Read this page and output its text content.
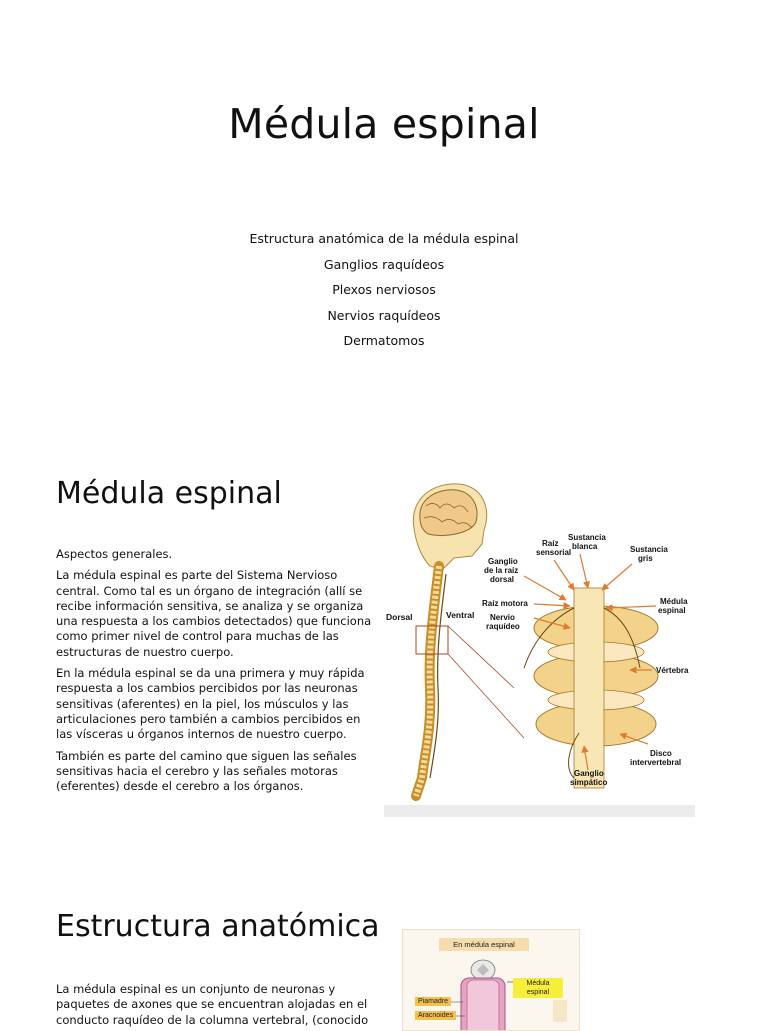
Médula espinal
Estructura anatómica de la médula espinal
Ganglios raquídeos
Plexos nerviosos
Nervios raquídeos
Dermatomos
Médula espinal

Aspectos generales.

La médula espinal es parte del Sistema Nervioso central. Como tal es un órgano de integración (allí se recibe información sensitiva, se analiza y se organiza una respuesta a los cambios detectados) que funciona como primer nivel de control para muchas de las estructuras de nuestro cuerpo.

En la médula espinal se da una primera y muy rápida respuesta a los cambios percibidos por las neuronas sensitivas (aferentes) en la piel, los músculos y las articulaciones pero también a cambios percibidos en las vísceras u órganos internos de nuestro cuerpo.

También es parte del camino que siguen las señales sensitivas hacia el cerebro y las señales motoras (eferentes) desde el cerebro a los órganos.

Dorsal	Ventral
Sustancia blanca
Raíz sensorial
Ganglio de la raíz dorsal
Sustancia gris
Raíz motora
Nervio raquídeo
Médula espinal
Vértebra
Disco intervertebral
Ganglio simpático
Estructura anatómica

La médula espinal es un conjunto de neuronas y paquetes de axones que se encuentran alojadas en el conducto raquídeo de la columna vertebral, (conocido

En médula espinal
Médula
espinal
Piamadre
Aracnoides
